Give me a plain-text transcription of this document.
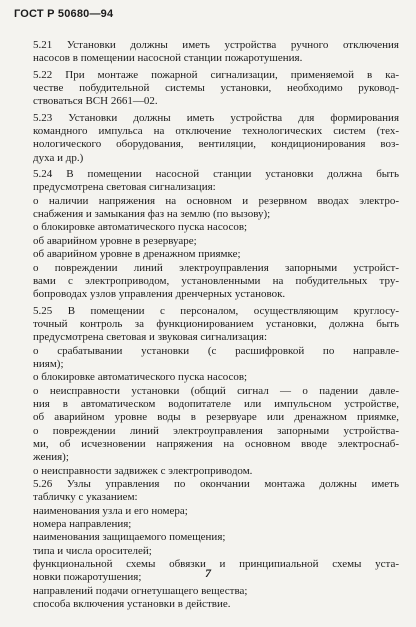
ГОСТ Р 50680—94
5.21 Установки должны иметь устройства ручного отключения
насосов в помещении насосной станции пожаротушения.
5.22 При монтаже пожарной сигнализации, применяемой в ка-
честве побудительной системы установки, необходимо руковод-
ствоваться ВСН 2661—02.
5.23 Установки должны иметь устройства для формирования
командного импульса на отключение технологических систем (тех-
нологического оборудования, вентиляции, кондиционирования воз-
духа и др.)
5.24 В помещении насосной станции установки должна быть
предусмотрена световая сигнализация:
о наличии напряжения на основном и резервном вводах электро-
снабжения и замыкания фаз на землю (по вызову);
о блокировке автоматического пуска насосов;
об аварийном уровне в резервуаре;
об аварийном уровне в дренажном приямке;
о повреждении линий электроуправления запорными устройст-
вами с электроприводом, установленными на побудительных тру-
бопроводах узлов управления дренчерных установок.
5.25 В помещении с персоналом, осуществляющим круглосу-
точный контроль за функционированием установки, должна быть
предусмотрена световая и звуковая сигнализация:
о срабатывании установки (с расшифровкой по направле-
ниям);
о блокировке автоматического пуска насосов;
о неисправности установки (общий сигнал — о падении давле-
ния в автоматическом водопитателе или импульсном устройстве,
об аварийном уровне воды в резервуаре или дренажном приямке,
о повреждении линий электроуправления запорными устройства-
ми, об исчезновении напряжения на основном вводе электроснаб-
жения);
о неисправности задвижек с электроприводом.
5.26 Узлы управления по окончании монтажа должны иметь
табличку с указанием:
наименования узла и его номера;
номера направления;
наименования защищаемого помещения;
типа и числа оросителей;
функциональной схемы обвязки и принципиальной схемы уста-
новки пожаротушения;
направлений подачи огнетушащего вещества;
способа включения установки в действие.
7
